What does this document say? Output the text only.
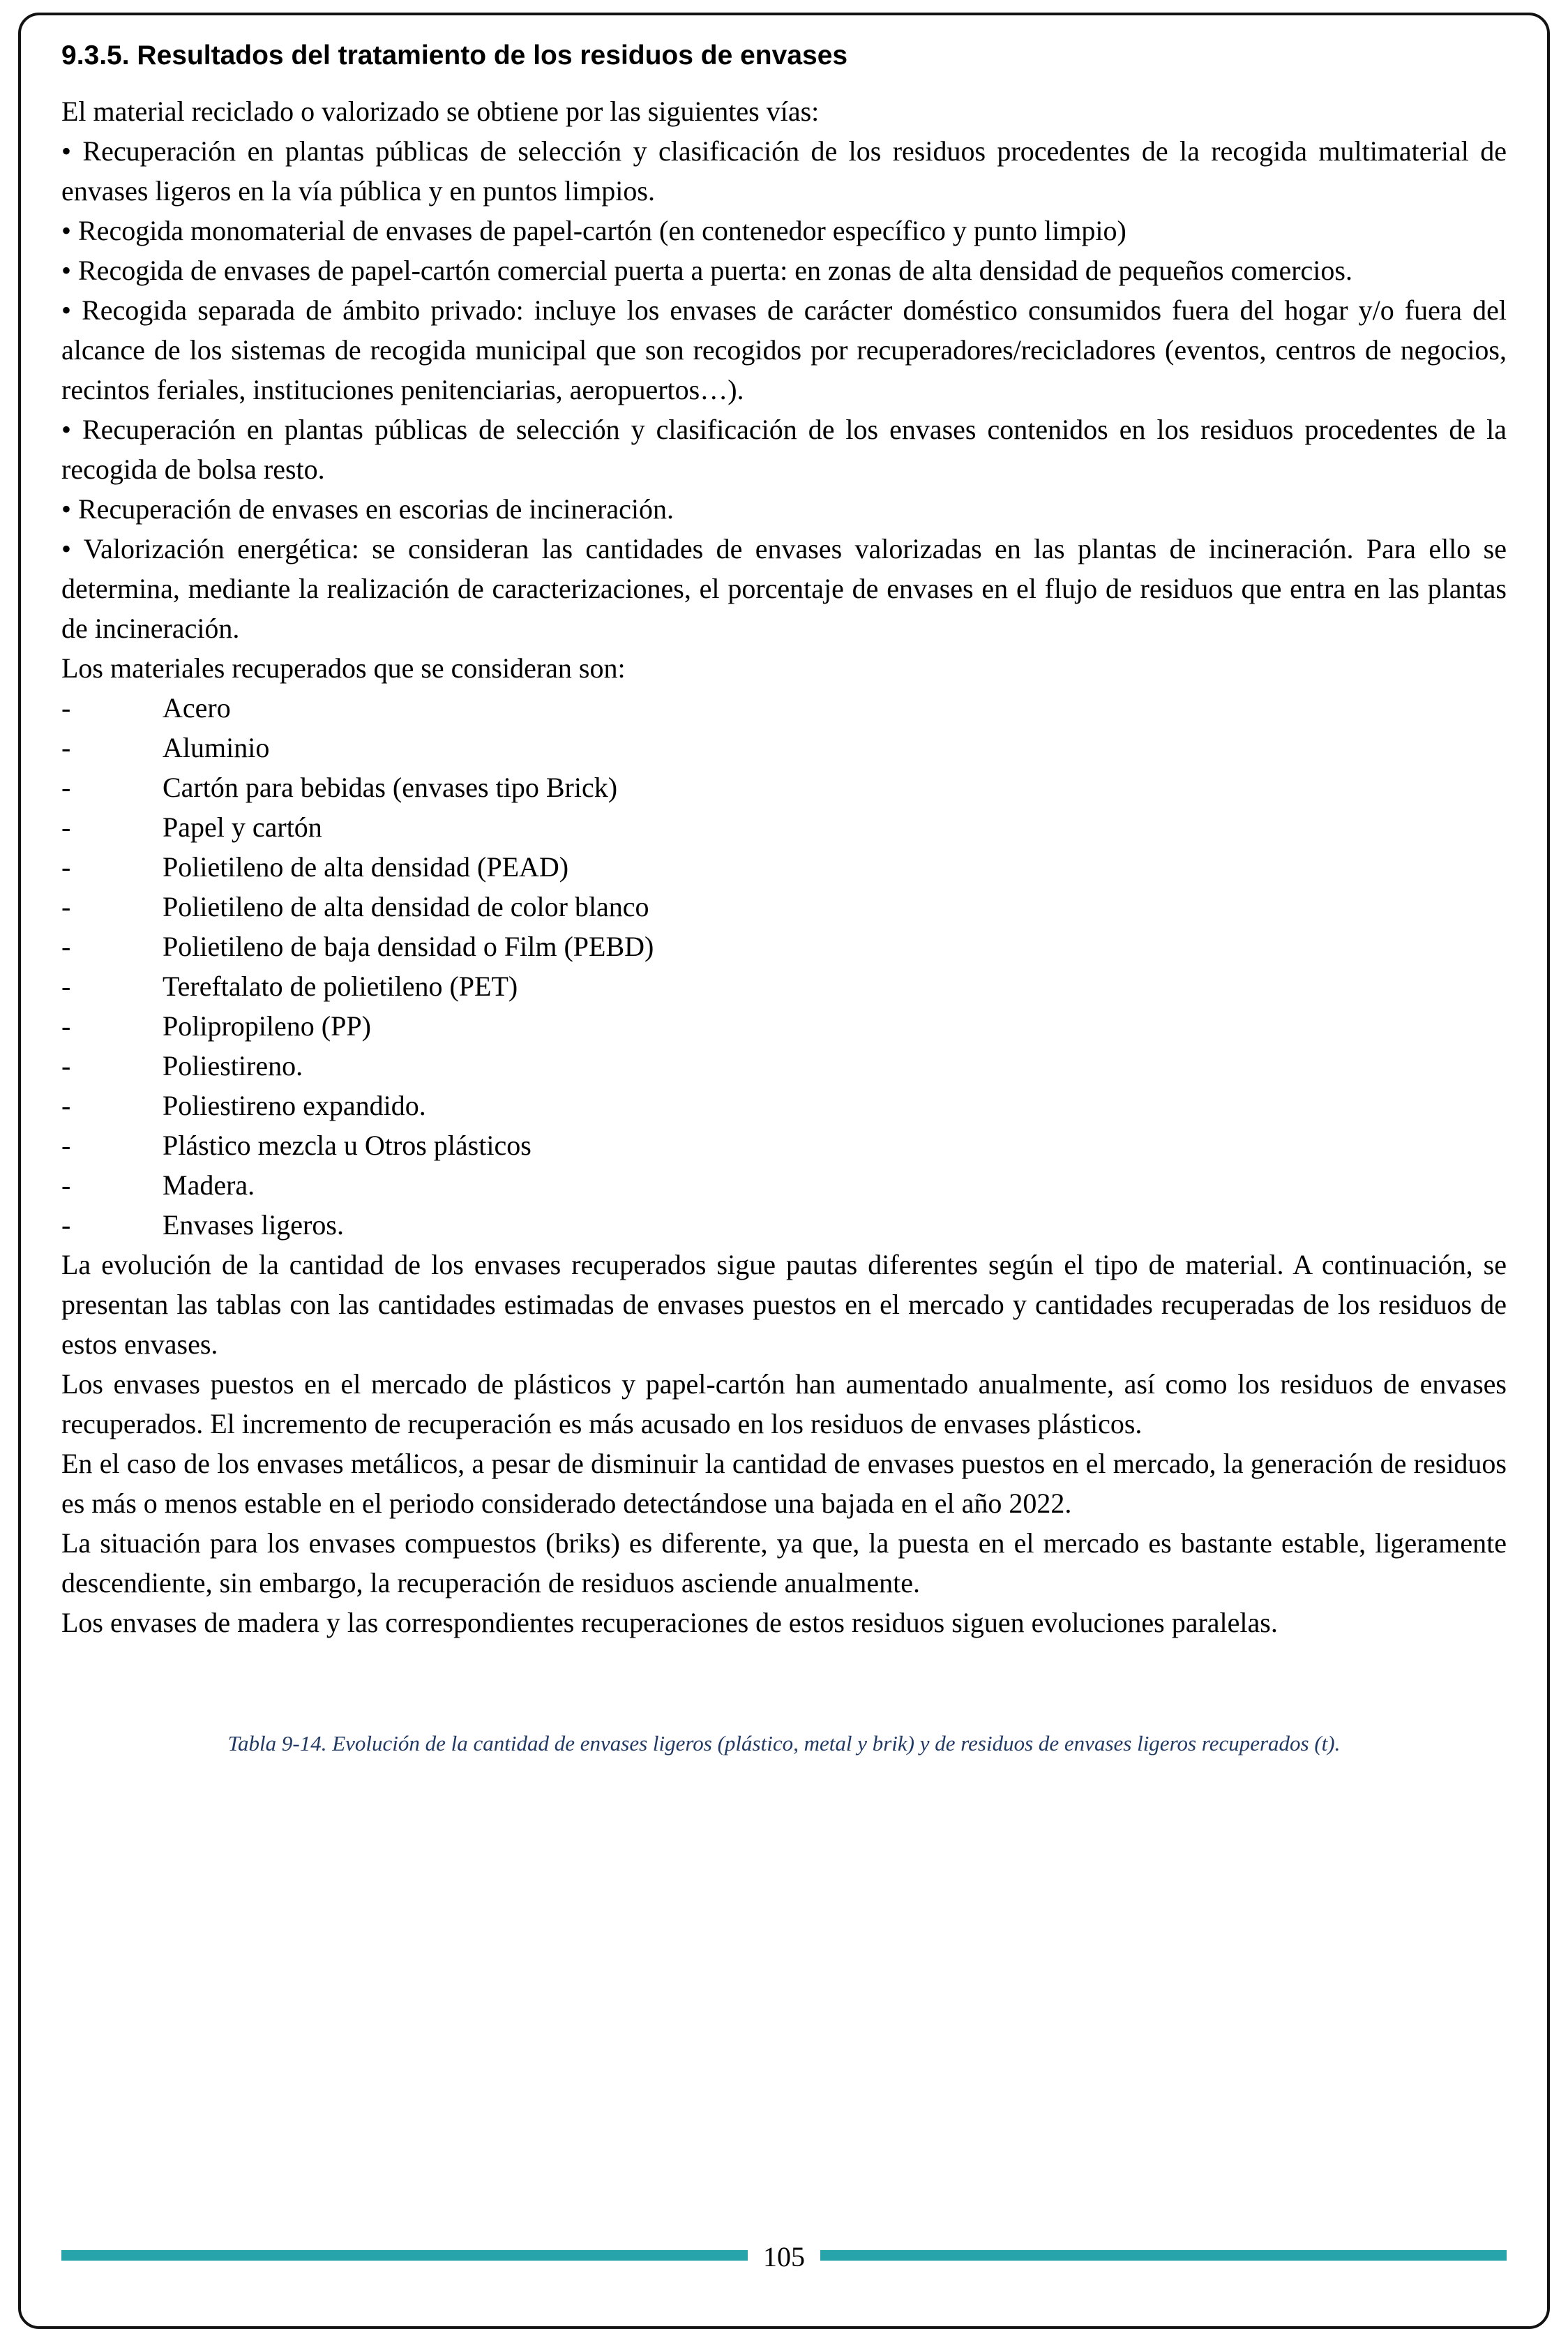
9.3.5. Resultados del tratamiento de los residuos de envases

El material reciclado o valorizado se obtiene por las siguientes vías:

• Recuperación en plantas públicas de selección y clasificación de los residuos procedentes de la recogida multimaterial de envases ligeros en la vía pública y en puntos limpios.

• Recogida monomaterial de envases de papel-cartón (en contenedor específico y punto limpio)

• Recogida de envases de papel-cartón comercial puerta a puerta: en zonas de alta densidad de pequeños comercios.

• Recogida separada de ámbito privado: incluye los envases de carácter doméstico consumidos fuera del hogar y/o fuera del alcance de los sistemas de recogida municipal que son recogidos por recuperadores/recicladores (eventos, centros de negocios, recintos feriales, instituciones penitenciarias, aeropuertos…).

• Recuperación en plantas públicas de selección y clasificación de los envases contenidos en los residuos procedentes de la recogida de bolsa resto.

• Recuperación de envases en escorias de incineración.

• Valorización energética: se consideran las cantidades de envases valorizadas en las plantas de incineración. Para ello se determina, mediante la realización de caracterizaciones, el porcentaje de envases en el flujo de residuos que entra en las plantas de incineración.

Los materiales recuperados que se consideran son:

-	Acero
-	Aluminio
-	Cartón para bebidas (envases tipo Brick)
-	Papel y cartón
-	Polietileno de alta densidad (PEAD)
-	Polietileno de alta densidad de color blanco
-	Polietileno de baja densidad o Film (PEBD)
-	Tereftalato de polietileno (PET)
-	Polipropileno (PP)
-	Poliestireno.
-	Poliestireno expandido.
-	Plástico mezcla u Otros plásticos
-	Madera.
-	Envases ligeros.

La evolución de la cantidad de los envases recuperados sigue pautas diferentes según el tipo de material. A continuación, se presentan las tablas con las cantidades estimadas de envases puestos en el mercado y cantidades recuperadas de los residuos de estos envases.

Los envases puestos en el mercado de plásticos y papel-cartón han aumentado anualmente, así como los residuos de envases recuperados. El incremento de recuperación es más acusado en los residuos de envases plásticos.

En el caso de los envases metálicos, a pesar de disminuir la cantidad de envases puestos en el mercado, la generación de residuos es más o menos estable en el periodo considerado detectándose una bajada en el año 2022.

La situación para los envases compuestos (briks) es diferente, ya que, la puesta en el mercado es bastante estable, ligeramente descendiente, sin embargo, la recuperación de residuos asciende anualmente.

Los envases de madera y las correspondientes recuperaciones de estos residuos siguen evoluciones paralelas.

Tabla 9-14. Evolución de la cantidad de envases ligeros (plástico, metal y brik) y de residuos de envases ligeros recuperados (t).
105
